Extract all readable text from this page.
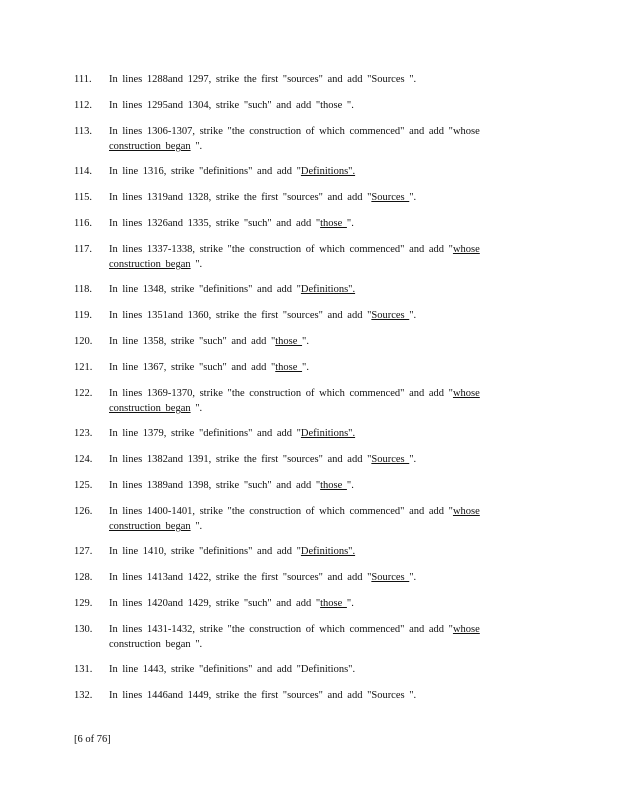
[6 of 76]
111.	In lines 1288and 1297, strike the first "sources" and add "Sources ".
112.	In lines 1295and 1304, strike "such" and add "those ".
113.	In lines 1306-1307, strike "the construction of which commenced" and add "whose
construction began ".
114.	In line 1316, strike "definitions" and add "Definitions".
115.	In lines 1319and 1328, strike the first "sources" and add "Sources ".
116.	In lines 1326and 1335, strike "such" and add "those ".
117.	In lines 1337-1338, strike "the construction of which commenced" and add "whose
construction began ".
118.	In line 1348, strike "definitions" and add "Definitions".
119.	In lines 1351and 1360, strike the first "sources" and add "Sources ".
120.	In line 1358, strike "such" and add "those ".
121.	In line 1367, strike "such" and add "those ".
122.	In lines 1369-1370, strike "the construction of which commenced" and add "whose
construction began ".
123.	In line 1379, strike "definitions" and add "Definitions".
124.	In lines 1382and 1391, strike the first "sources" and add "Sources ".
125.	In lines 1389and 1398, strike "such" and add "those ".
126.	In lines 1400-1401, strike "the construction of which commenced" and add "whose
construction began ".
127.	In line 1410, strike "definitions" and add "Definitions".
128.	In lines 1413and 1422, strike the first "sources" and add "Sources ".
129.	In lines 1420and 1429, strike "such" and add "those ".
130.	In lines 1431-1432, strike "the construction of which commenced" and add "whose
construction began ".
131.	In line 1443, strike "definitions" and add "Definitions".
132.	In lines 1446and 1449, strike the first "sources" and add "Sources ".
